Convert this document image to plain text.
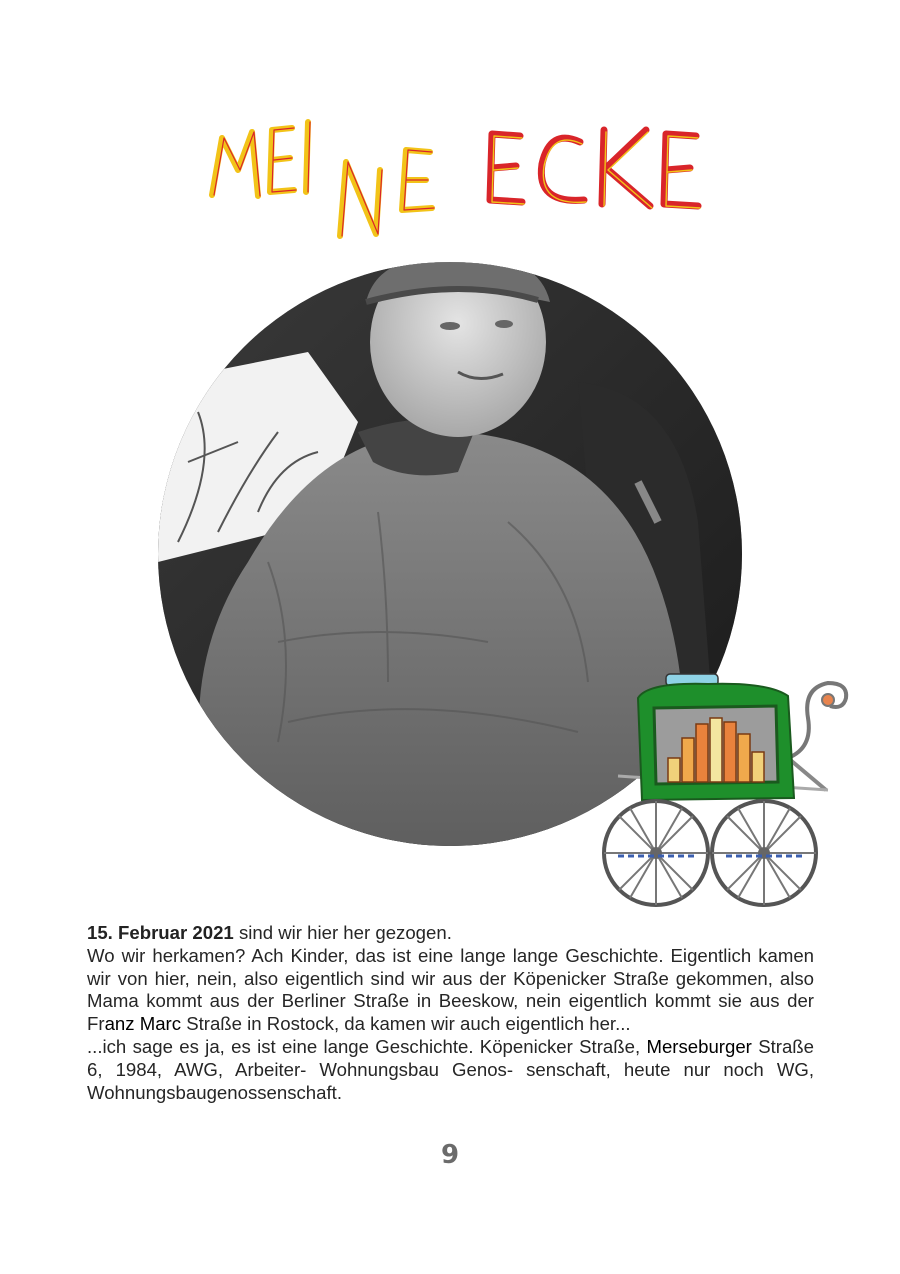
15. Februar 2021 sind wir hier her gezogen.

Wo wir herkamen? Ach Kinder, das ist eine lange lange Geschichte. Eigentlich kamen wir von hier, nein, also eigentlich sind wir aus der Köpenicker Straße gekommen, also Mama kommt aus der Berliner Straße in Beeskow, nein eigentlich kommt sie aus der Franz Marc Straße in Rostock, da kamen wir auch eigentlich her...

...ich sage es ja, es ist eine lange Geschichte. Köpenicker Straße, Merseburger Straße 6, 1984, AWG, Arbeiter- Wohnungsbau Genos- senschaft, heute nur noch WG, Wohnungsbaugenossenschaft.

9
